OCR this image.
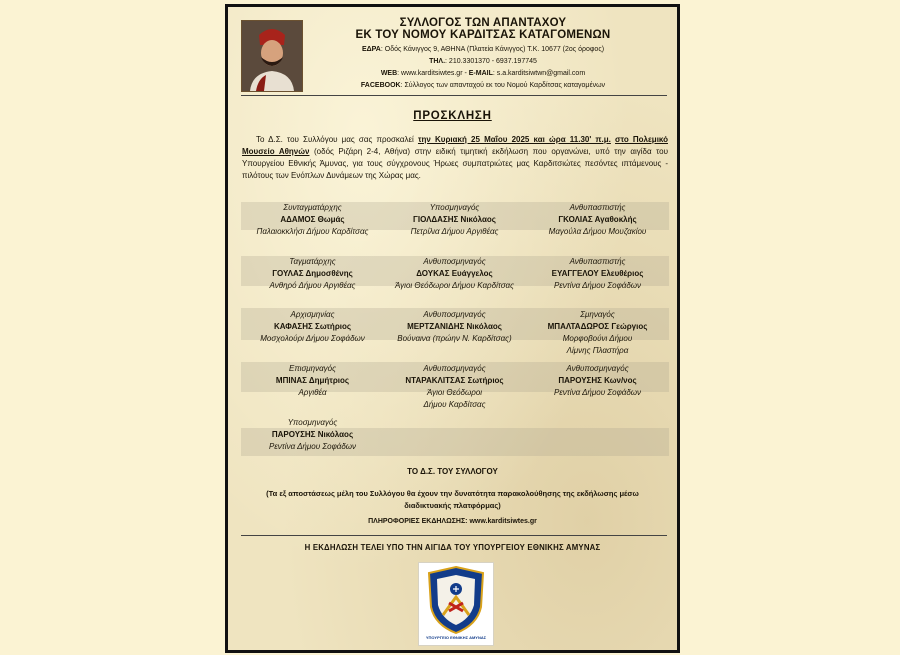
ΣΥΛΛΟΓΟΣ ΤΩΝ ΑΠΑΝΤΑΧΟΥ
ΕΚ ΤΟΥ ΝΟΜΟΥ ΚΑΡΔΙΤΣΑΣ ΚΑΤΑΓΟΜΕΝΩΝ
ΕΔΡΑ: Οδός Κάνιγγος 9, ΑΘΗΝΑ (Πλατεία Κάνιγγος) Τ.Κ. 10677 (2ος όροφος)
ΤΗΛ.: 210.3301370 - 6937.197745
WEB: www.karditsiwtes.gr - E-MAIL: s.a.karditsiwtwn@gmail.com
FACEBOOK: Σύλλογος των απανταχού εκ του Νομού Καρδίτσας καταγομένων
ΠΡΟΣΚΛΗΣΗ
Το Δ.Σ. του Συλλόγου μας σας προσκαλεί την Κυριακή 25 Μαΐου 2025 και ώρα 11.30' π.μ. στο Πολεμικό Μουσείο Αθηνών (οδός Ριζάρη 2-4, Αθήνα) στην ειδική τιμητική εκδήλωση που οργανώνει, υπό την αιγίδα του Υπουργείου Εθνικής Άμυνας, για τους σύγχρονους Ήρωες συμπατριώτες μας Καρδιτσιώτες πεσόντες ιπτάμενους - πιλότους των Ενόπλων Δυνάμεων της Χώρας μας.
Συνταγματάρχης
ΑΔΑΜΟΣ Θωμάς
Παλαιοκκλήσι Δήμου Καρδίτσας
Υποσμηναγός
ΓΙΟΛΔΑΣΗΣ Νικόλαος
Πετρίλια Δήμου Αργιθέας
Ανθυπασπιστής
ΓΚΟΛΙΑΣ Αγαθοκλής
Μαγούλα Δήμου Μουζακίου
Ταγματάρχης
ΓΟΥΛΑΣ Δημοσθένης
Ανθηρό Δήμου Αργιθέας
Ανθυποσμηναγός
ΔΟΥΚΑΣ Ευάγγελος
Άγιοι Θεόδωροι Δήμου Καρδίτσας
Ανθυπασπιστής
ΕΥΑΓΓΕΛΟΥ Ελευθέριος
Ρεντίνα Δήμου Σοφάδων
Αρχισμηνίας
ΚΑΦΑΣΗΣ Σωτήριος
Μοσχολούρι Δήμου Σοφάδων
Ανθυποσμηναγός
ΜΕΡΤΖΑΝΙΔΗΣ Νικόλαος
Βούναινα (πρώην Ν. Καρδίτσας)
Σμηναγός
ΜΠΑΛΤΑΔΩΡΟΣ Γεώργιος
Μορφοβούνι Δήμου
Λίμνης Πλαστήρα
Επισμηναγός
ΜΠΙΝΑΣ Δημήτριος
Αργιθέα
Ανθυποσμηναγός
ΝΤΑΡΑΚΛΙΤΣΑΣ Σωτήριος
Άγιοι Θεόδωροι
Δήμου Καρδίτσας
Ανθυποσμηναγός
ΠΑΡΟΥΣΗΣ Κων/νος
Ρεντίνα Δήμου Σοφάδων
Υποσμηναγός
ΠΑΡΟΥΣΗΣ Νικόλαος
Ρεντίνα Δήμου Σοφάδων
ΤΟ Δ.Σ. ΤΟΥ ΣΥΛΛΟΓΟΥ
(Τα εξ αποστάσεως μέλη του Συλλόγου θα έχουν την δυνατότητα παρακολούθησης της εκδήλωσης μέσω διαδικτυακής πλατφόρμας)
ΠΛΗΡΟΦΟΡΙΕΣ ΕΚΔΗΛΩΣΗΣ: www.karditsiwtes.gr
Η ΕΚΔΗΛΩΣΗ ΤΕΛΕΙ ΥΠΟ ΤΗΝ ΑΙΓΙΔΑ ΤΟΥ ΥΠΟΥΡΓΕΙΟΥ ΕΘΝΙΚΗΣ ΑΜΥΝΑΣ
ΥΠΟΥΡΓΕΙΟ ΕΘΝΙΚΗΣ ΑΜΥΝΑΣ
